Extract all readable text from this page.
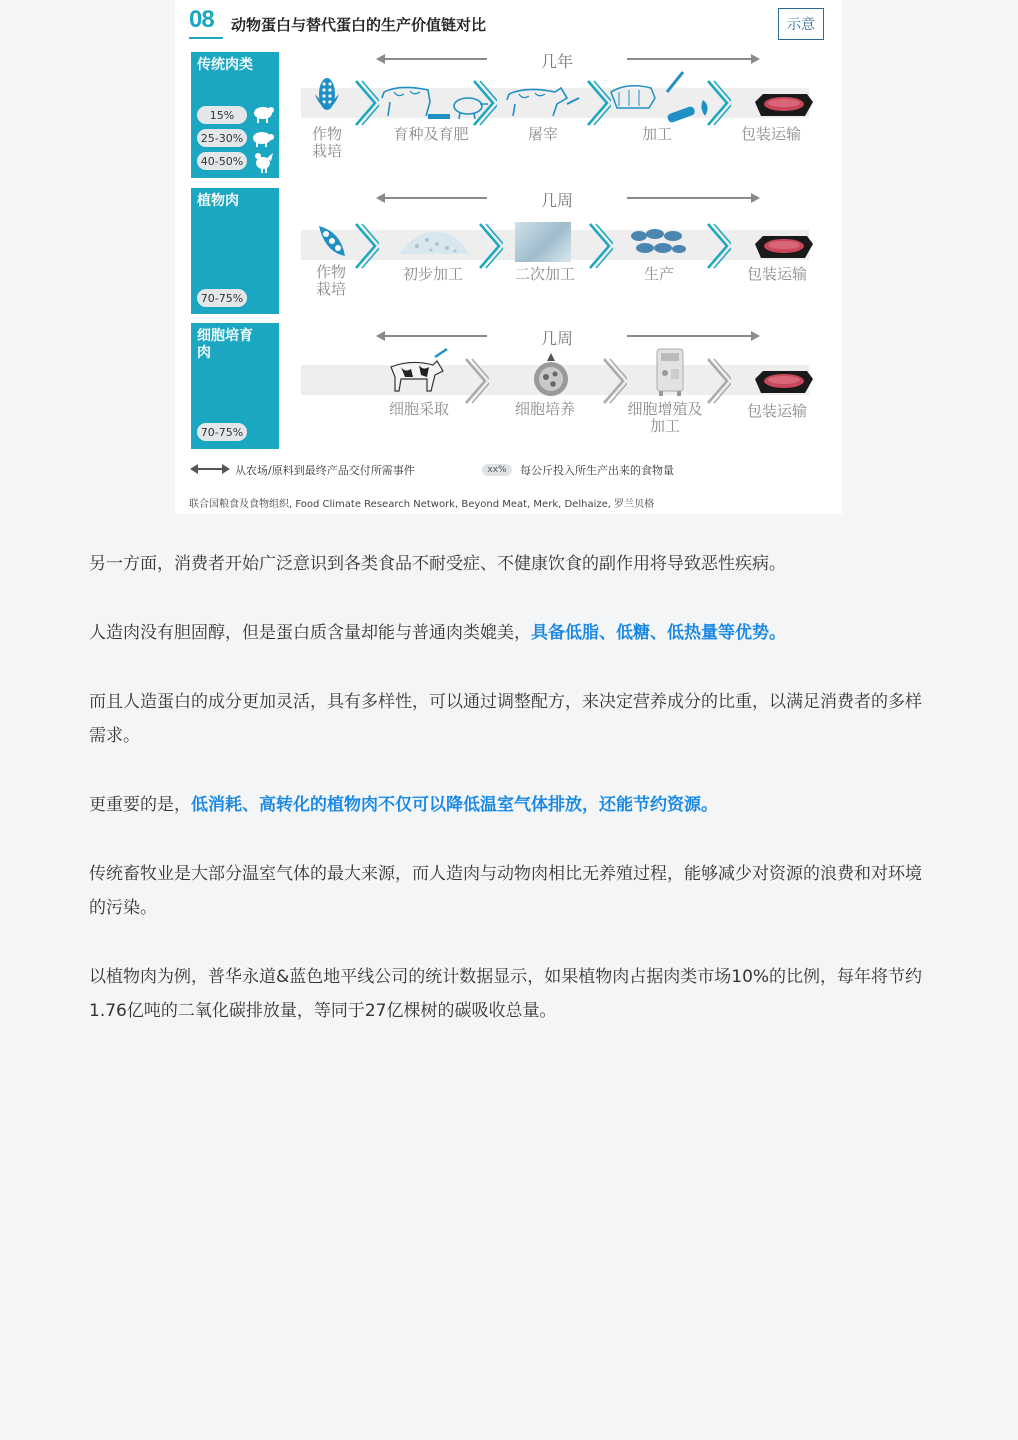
08 动物蛋白与替代蛋白的生产价值链对比	示意
传统肉类
15%
25-30%
40-50%
几年
作物
栽培
育种及育肥	屠宰	加工	包装运输
植物肉
70-75%
几周
作物
栽培
初步加工	二次加工	生产	包装运输
细胞培育
肉
70-75%
几周
细胞采取	细胞培养	细胞增殖及
加工
包装运输
从农场/原料到最终产品交付所需事件	xx%	每公斤投入所生产出来的食物量
联合国粮食及食物组织, Food Climate Research Network, Beyond Meat, Merk, Delhaize, 罗兰贝格

另一方面，消费者开始广泛意识到各类食品不耐受症、不健康饮食的副作用将导致恶性疾病。

人造肉没有胆固醇，但是蛋白质含量却能与普通肉类媲美，具备低脂、低糖、低热量等优势。

而且人造蛋白的成分更加灵活，具有多样性，可以通过调整配方，来决定营养成分的比重，以满足消费者的多样需求。

更重要的是，低消耗、高转化的植物肉不仅可以降低温室气体排放，还能节约资源。

传统畜牧业是大部分温室气体的最大来源，而人造肉与动物肉相比无养殖过程，能够减少对资源的浪费和对环境的污染。

以植物肉为例，普华永道&蓝色地平线公司的统计数据显示，如果植物肉占据肉类市场10%的比例，每年将节约1.76亿吨的二氧化碳排放量，等同于27亿棵树的碳吸收总量。
